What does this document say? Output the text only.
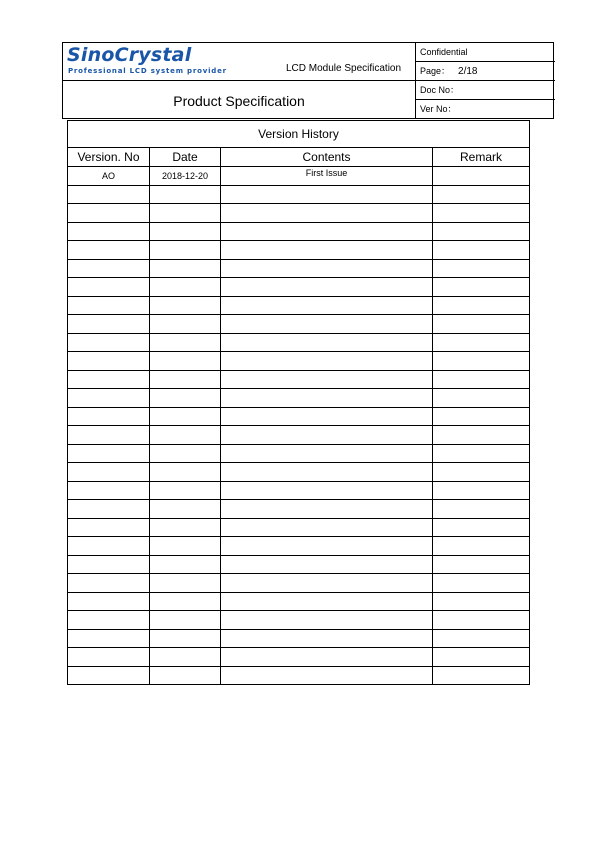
SinoCrystal
Professional LCD system provider	LCD Module Specification
Product Specification
Confidential
Page： 2/18
Doc No：
Ver No：
Version History			
Version. No	Date	Contents	Remark
AO	2018-12-20	First Issue	
